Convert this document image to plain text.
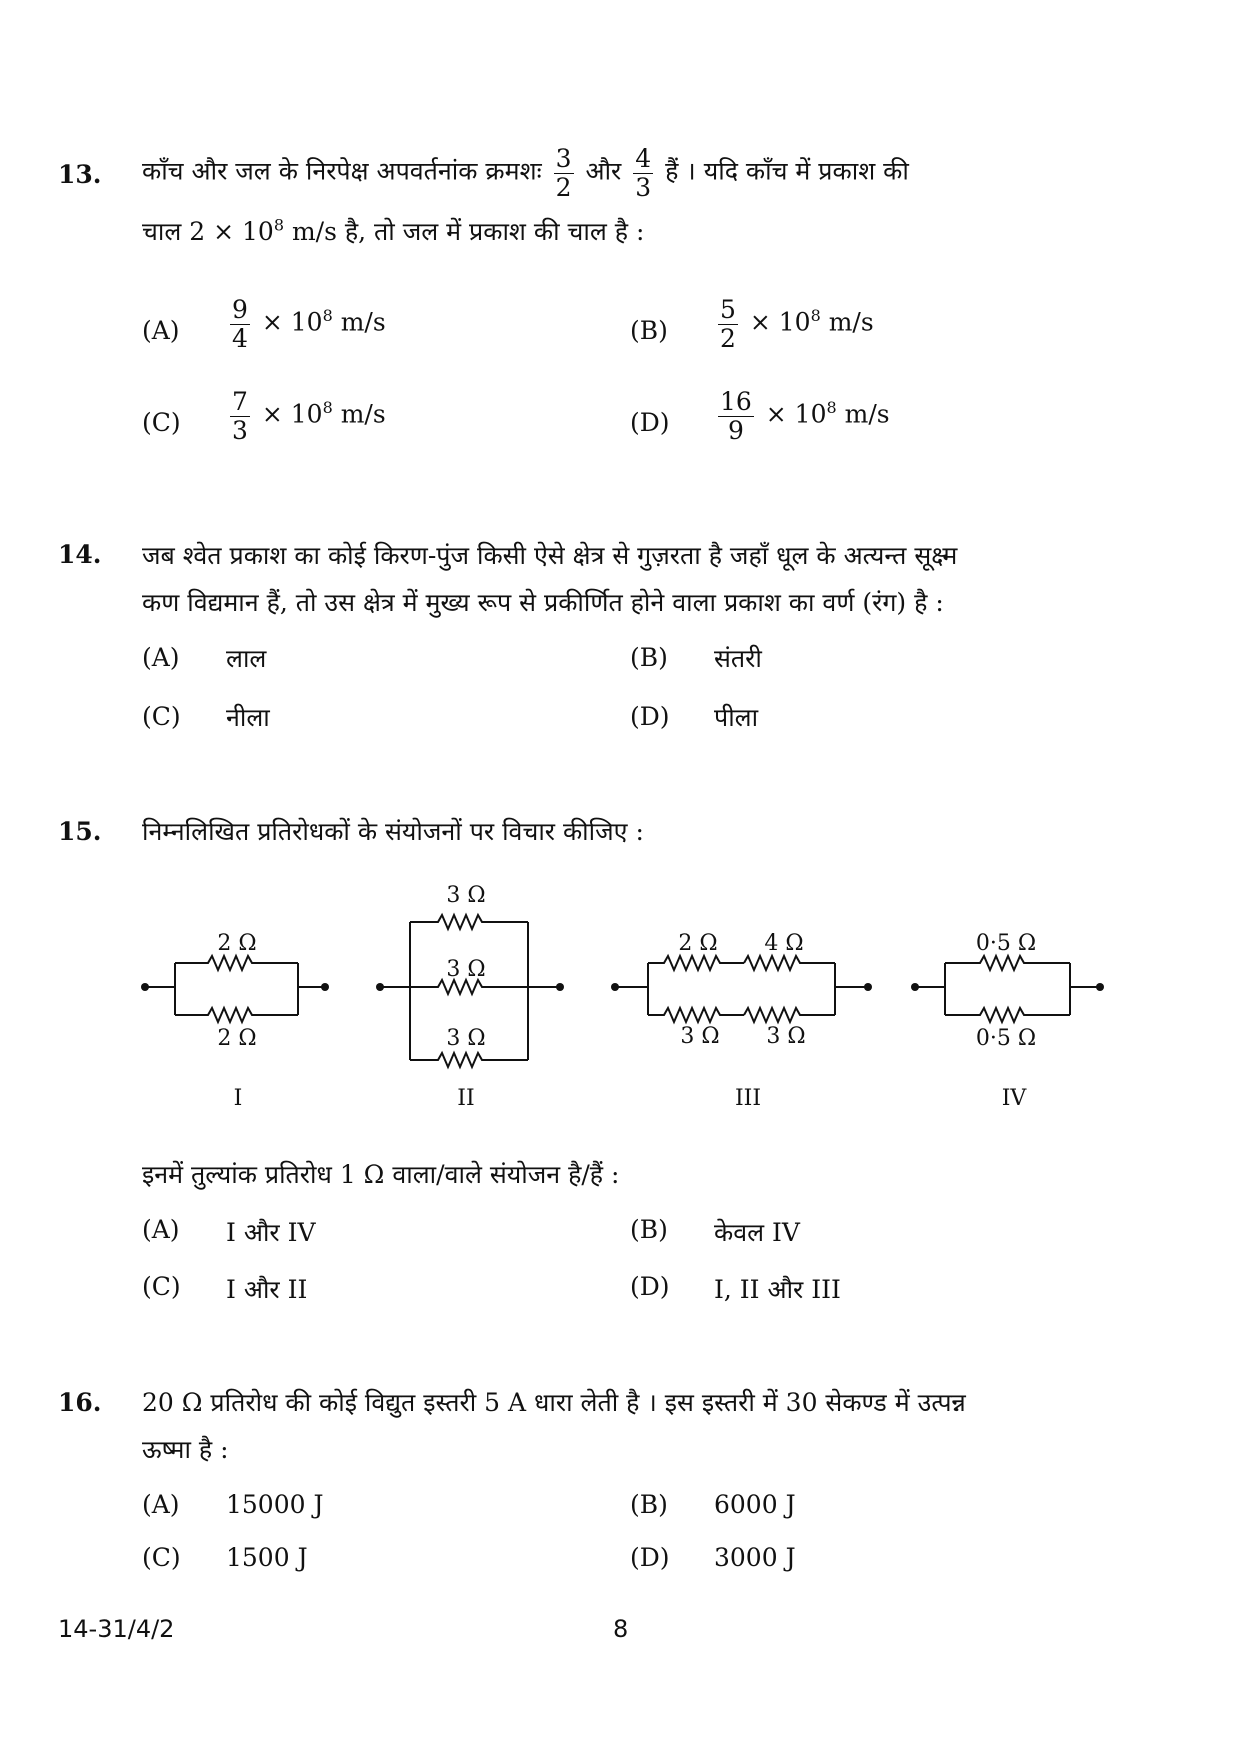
13. काँच और जल के निरपेक्ष अपवर्तनांक क्रमशः $\frac{3}{2}$ और $\frac{4}{3}$ हैं । यदि काँच में प्रकाश की
चाल $2 \times 10^8$ m/s है, तो जल में प्रकाश की चाल है :
$(A) \frac{9}{4} \times 10^8$ m/s	$(B) \frac{5}{2} \times 10^8$ m/s
$(C) \frac{7}{3} \times 10^8$ m/s	$(D) \frac{16}{9} \times 10^8$ m/s
14. जब श्वेत प्रकाश का कोई किरण-पुंज किसी ऐसे क्षेत्र से गुज़रता है जहाँ धूल के अत्यन्त सूक्ष्म
कण विद्यमान हैं, तो उस क्षेत्र में मुख्य रूप से प्रकीर्णित होने वाला प्रकाश का वर्ण (रंग) है :
(A) लाल	(B) संतरी
(C) नीला	(D) पीला
15. निम्नलिखित प्रतिरोधकों के संयोजनों पर विचार कीजिए :
2 Ω
2 Ω
I
3 Ω
3 Ω
3 Ω
II
2 Ω 4 Ω
3 Ω 3 Ω
III
0·5 Ω
0·5 Ω
IV
इनमें तुल्यांक प्रतिरोध 1 Ω वाला/वाले संयोजन है/हैं :
(A) I और IV	(B) केवल IV
(C) I और II	(D) I, II और III
16. 20 Ω प्रतिरोध की कोई विद्युत इस्तरी 5 A धारा लेती है । इस इस्तरी में 30 सेकण्ड में उत्पन्न
ऊष्मा है :
(A) 15000 J	(B) 6000 J
(C) 1500 J	(D) 3000 J
14-31/4/2	8
